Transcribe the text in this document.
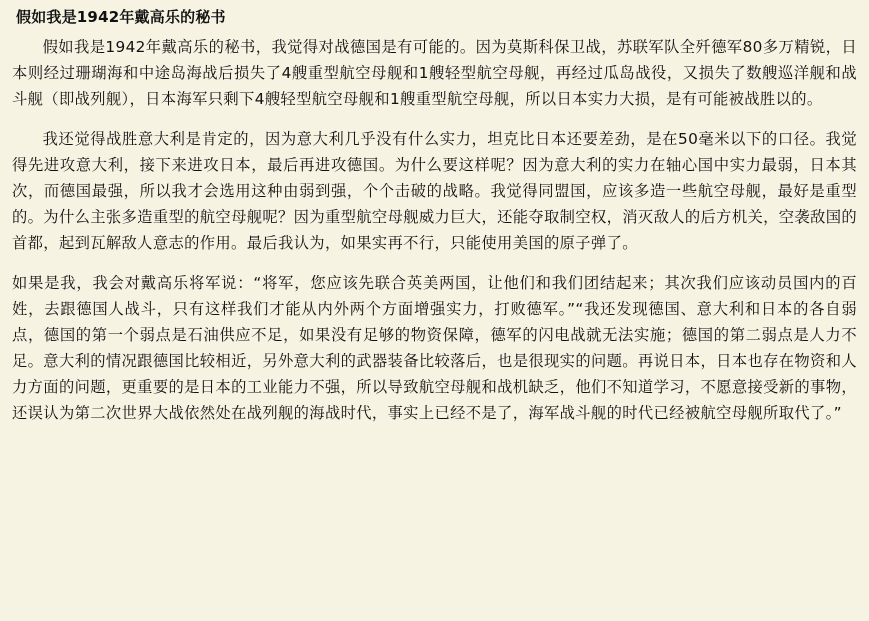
假如我是1942年戴高乐的秘书

假如我是1942年戴高乐的秘书，我觉得对战德国是有可能的。因为莫斯科保卫战，苏联军队全歼德军80多万精锐，日本则经过珊瑚海和中途岛海战后损失了4艘重型航空母舰和1艘轻型航空母舰，再经过瓜岛战役，又损失了数艘巡洋舰和战斗舰（即战列舰），日本海军只剩下4艘轻型航空母舰和1艘重型航空母舰，所以日本实力大损，是有可能被战胜以的。

我还觉得战胜意大利是肯定的，因为意大利几乎没有什么实力，坦克比日本还要差劲，是在50毫米以下的口径。我觉得先进攻意大利，接下来进攻日本，最后再进攻德国。为什么要这样呢？因为意大利的实力在轴心国中实力最弱，日本其次，而德国最强，所以我才会选用这种由弱到强，个个击破的战略。我觉得同盟国，应该多造一些航空母舰，最好是重型的。为什么主张多造重型的航空母舰呢？因为重型航空母舰威力巨大，还能夺取制空权，消灭敌人的后方机关，空袭敌国的首都，起到瓦解敌人意志的作用。最后我认为，如果实再不行，只能使用美国的原子弹了。

如果是我，我会对戴高乐将军说：“将军，您应该先联合英美两国，让他们和我们团结起来；其次我们应该动员国内的百姓，去跟德国人战斗，只有这样我们才能从内外两个方面增强实力，打败德军。”“我还发现德国、意大利和日本的各自弱点，德国的第一个弱点是石油供应不足，如果没有足够的物资保障，德军的闪电战就无法实施；德国的第二弱点是人力不足。意大利的情况跟德国比较相近，另外意大利的武器装备比较落后，也是很现实的问题。再说日本，日本也存在物资和人力方面的问题，更重要的是日本的工业能力不强，所以导致航空母舰和战机缺乏，他们不知道学习，不愿意接受新的事物，还误认为第二次世界大战依然处在战列舰的海战时代，事实上已经不是了，海军战斗舰的时代已经被航空母舰所取代了。”
